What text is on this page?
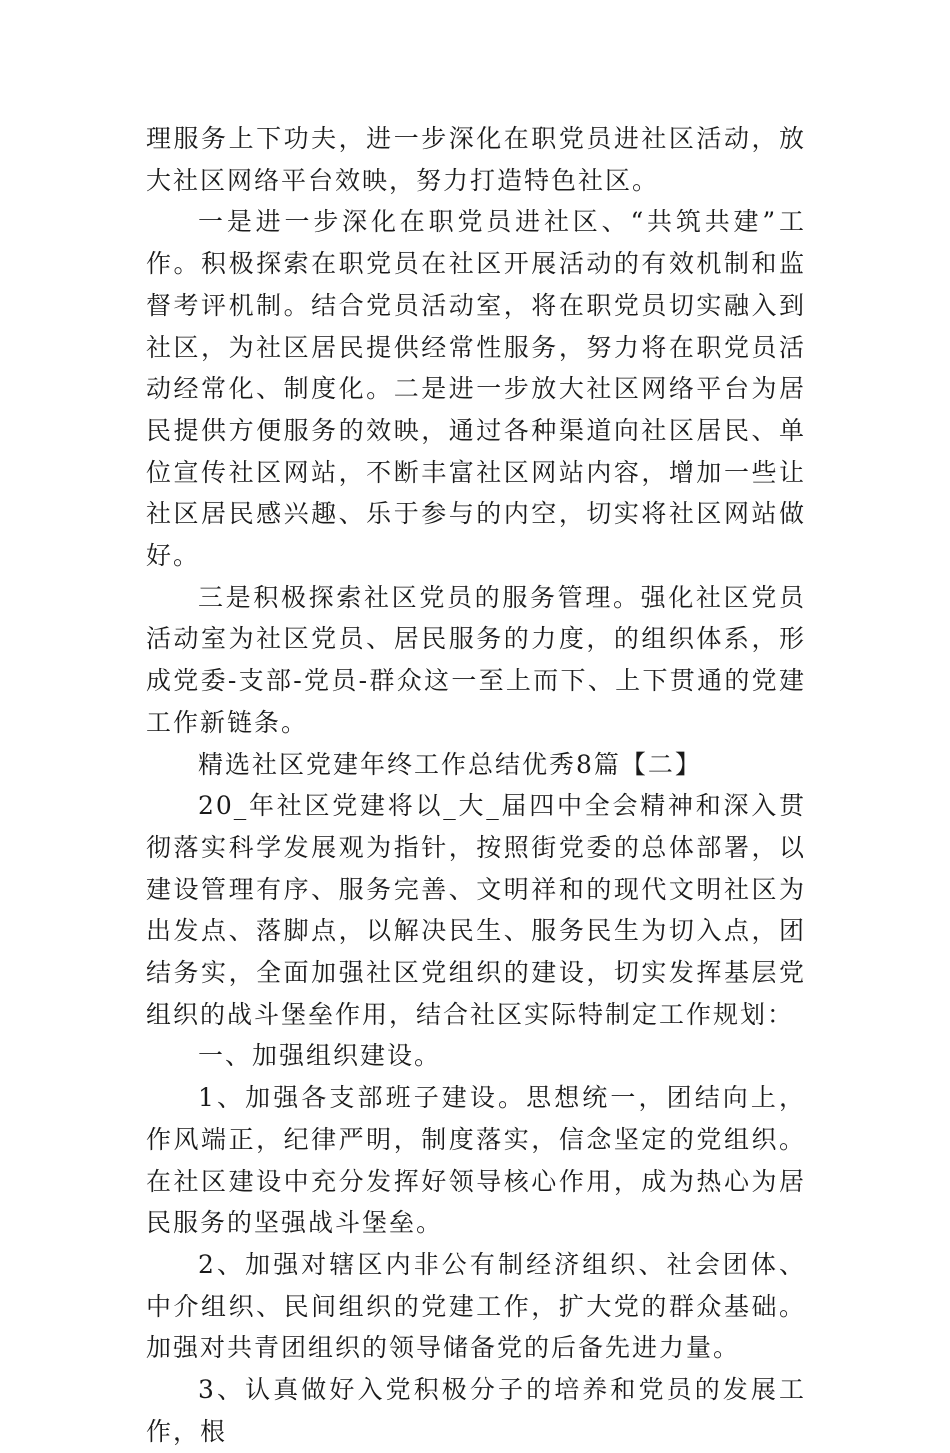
理服务上下功夫，进一步深化在职党员进社区活动，放大社区网络平台效映，努力打造特色社区。

一是进一步深化在职党员进社区、“共筑共建”工作。积极探索在职党员在社区开展活动的有效机制和监督考评机制。结合党员活动室，将在职党员切实融入到社区，为社区居民提供经常性服务，努力将在职党员活动经常化、制度化。二是进一步放大社区网络平台为居民提供方便服务的效映，通过各种渠道向社区居民、单位宣传社区网站，不断丰富社区网站内容，增加一些让社区居民感兴趣、乐于参与的内空，切实将社区网站做好。

三是积极探索社区党员的服务管理。强化社区党员活动室为社区党员、居民服务的力度，的组织体系，形成党委-支部-党员-群众这一至上而下、上下贯通的党建工作新链条。

精选社区党建年终工作总结优秀8篇【二】

20_年社区党建将以_大_届四中全会精神和深入贯彻落实科学发展观为指针，按照街党委的总体部署，以建设管理有序、服务完善、文明祥和的现代文明社区为出发点、落脚点，以解决民生、服务民生为切入点，团结务实，全面加强社区党组织的建设，切实发挥基层党组织的战斗堡垒作用，结合社区实际特制定工作规划：

一、加强组织建设。

1、加强各支部班子建设。思想统一，团结向上，作风端正，纪律严明，制度落实，信念坚定的党组织。在社区建设中充分发挥好领导核心作用，成为热心为居民服务的坚强战斗堡垒。

2、加强对辖区内非公有制经济组织、社会团体、中介组织、民间组织的党建工作，扩大党的群众基础。加强对共青团组织的领导储备党的后备先进力量。

3、认真做好入党积极分子的培养和党员的发展工作，根
